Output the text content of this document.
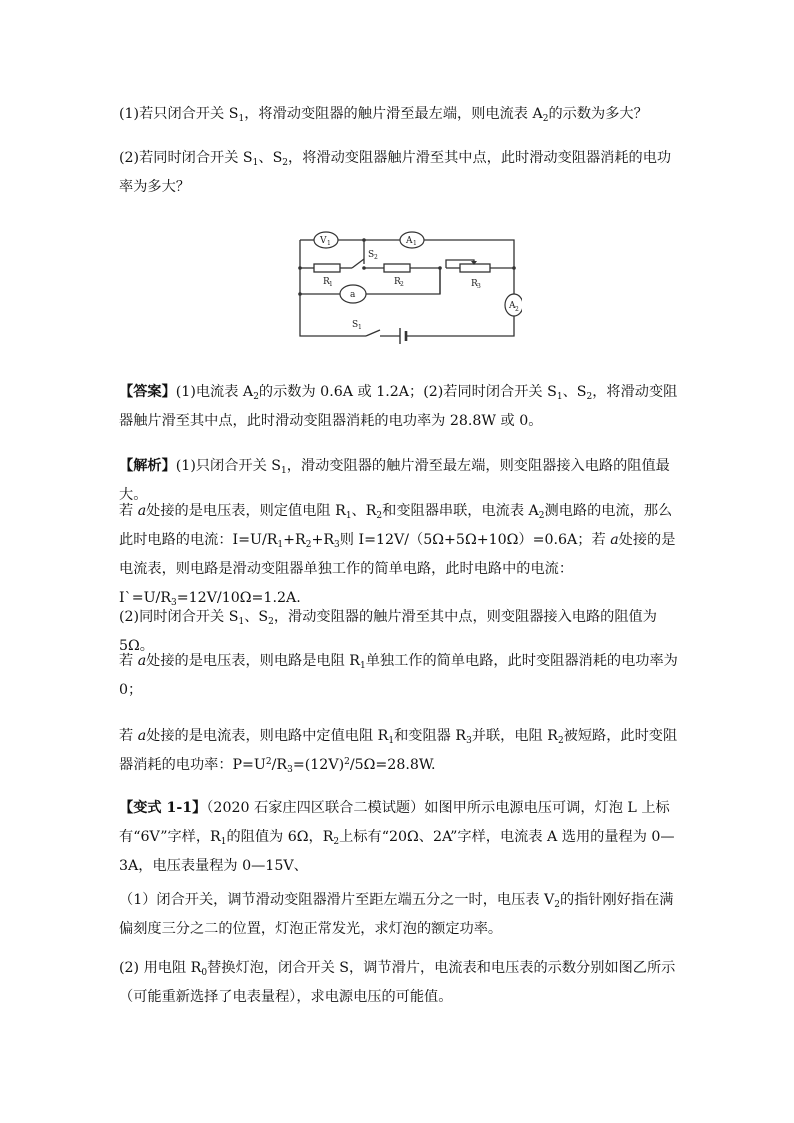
(1)若只闭合开关 $S_1$，将滑动变阻器的触片滑至最左端，则电流表 $A_2$的示数为多大？

(2)若同时闭合开关 $S_1$、$S_2$，将滑动变阻器触片滑至其中点，此时滑动变阻器消耗的电功率为多大？

V 1	A 1
a
A 2
S 2
R 1	R 2	R 3
S 1

【答案】(1)电流表 $A_2$的示数为 0.6A 或 1.2A；(2)若同时闭合开关 $S_1$、$S_2$，将滑动变阻器触片滑至其中点，此时滑动变阻器消耗的电功率为 28.8W 或 0。

【解析】(1)只闭合开关 $S_1$，滑动变阻器的触片滑至最左端，则变阻器接入电路的阻值最大。

若 a处接的是电压表，则定值电阻 $R_1$、$R_2$和变阻器串联，电流表 $A_2$测电路的电流，那么此时电路的电流：$I=U/R_1+R_2+R_3$则 I=12V/（5Ω+5Ω+10Ω）=0.6A；若 a处接的是电流表，则电路是滑动变阻器单独工作的简单电路，此时电路中的电流：$I`=U/R_3=12V/10\Omega=1.2A$.

(2)同时闭合开关 $S_1$、$S_2$，滑动变阻器的触片滑至其中点，则变阻器接入电路的阻值为 5Ω。

若 a处接的是电压表，则电路是电阻 $R_1$单独工作的简单电路，此时变阻器消耗的电功率为 0；

若 a处接的是电流表，则电路中定值电阻 $R_1$和变阻器 $R_3$并联，电阻 $R_2$被短路，此时变阻器消耗的电功率：$P=U^2/R_3=(12V)^2/5\Omega=28.8W$.

【变式 1-1】（2020 石家庄四区联合二模试题）如图甲所示电源电压可调，灯泡 L 上标有“6V”字样，$R_1$的阻值为 6Ω，$R_2$上标有“20Ω、2A”字样，电流表 A 选用的量程为 0—3A，电压表量程为 0—15V、

（1）闭合开关，调节滑动变阻器滑片至距左端五分之一时，电压表 $V_2$的指针刚好指在满偏刻度三分之二的位置，灯泡正常发光，求灯泡的额定功率。

(2) 用电阻 $R_0$替换灯泡，闭合开关 S，调节滑片，电流表和电压表的示数分别如图乙所示（可能重新选择了电表量程），求电源电压的可能值。
